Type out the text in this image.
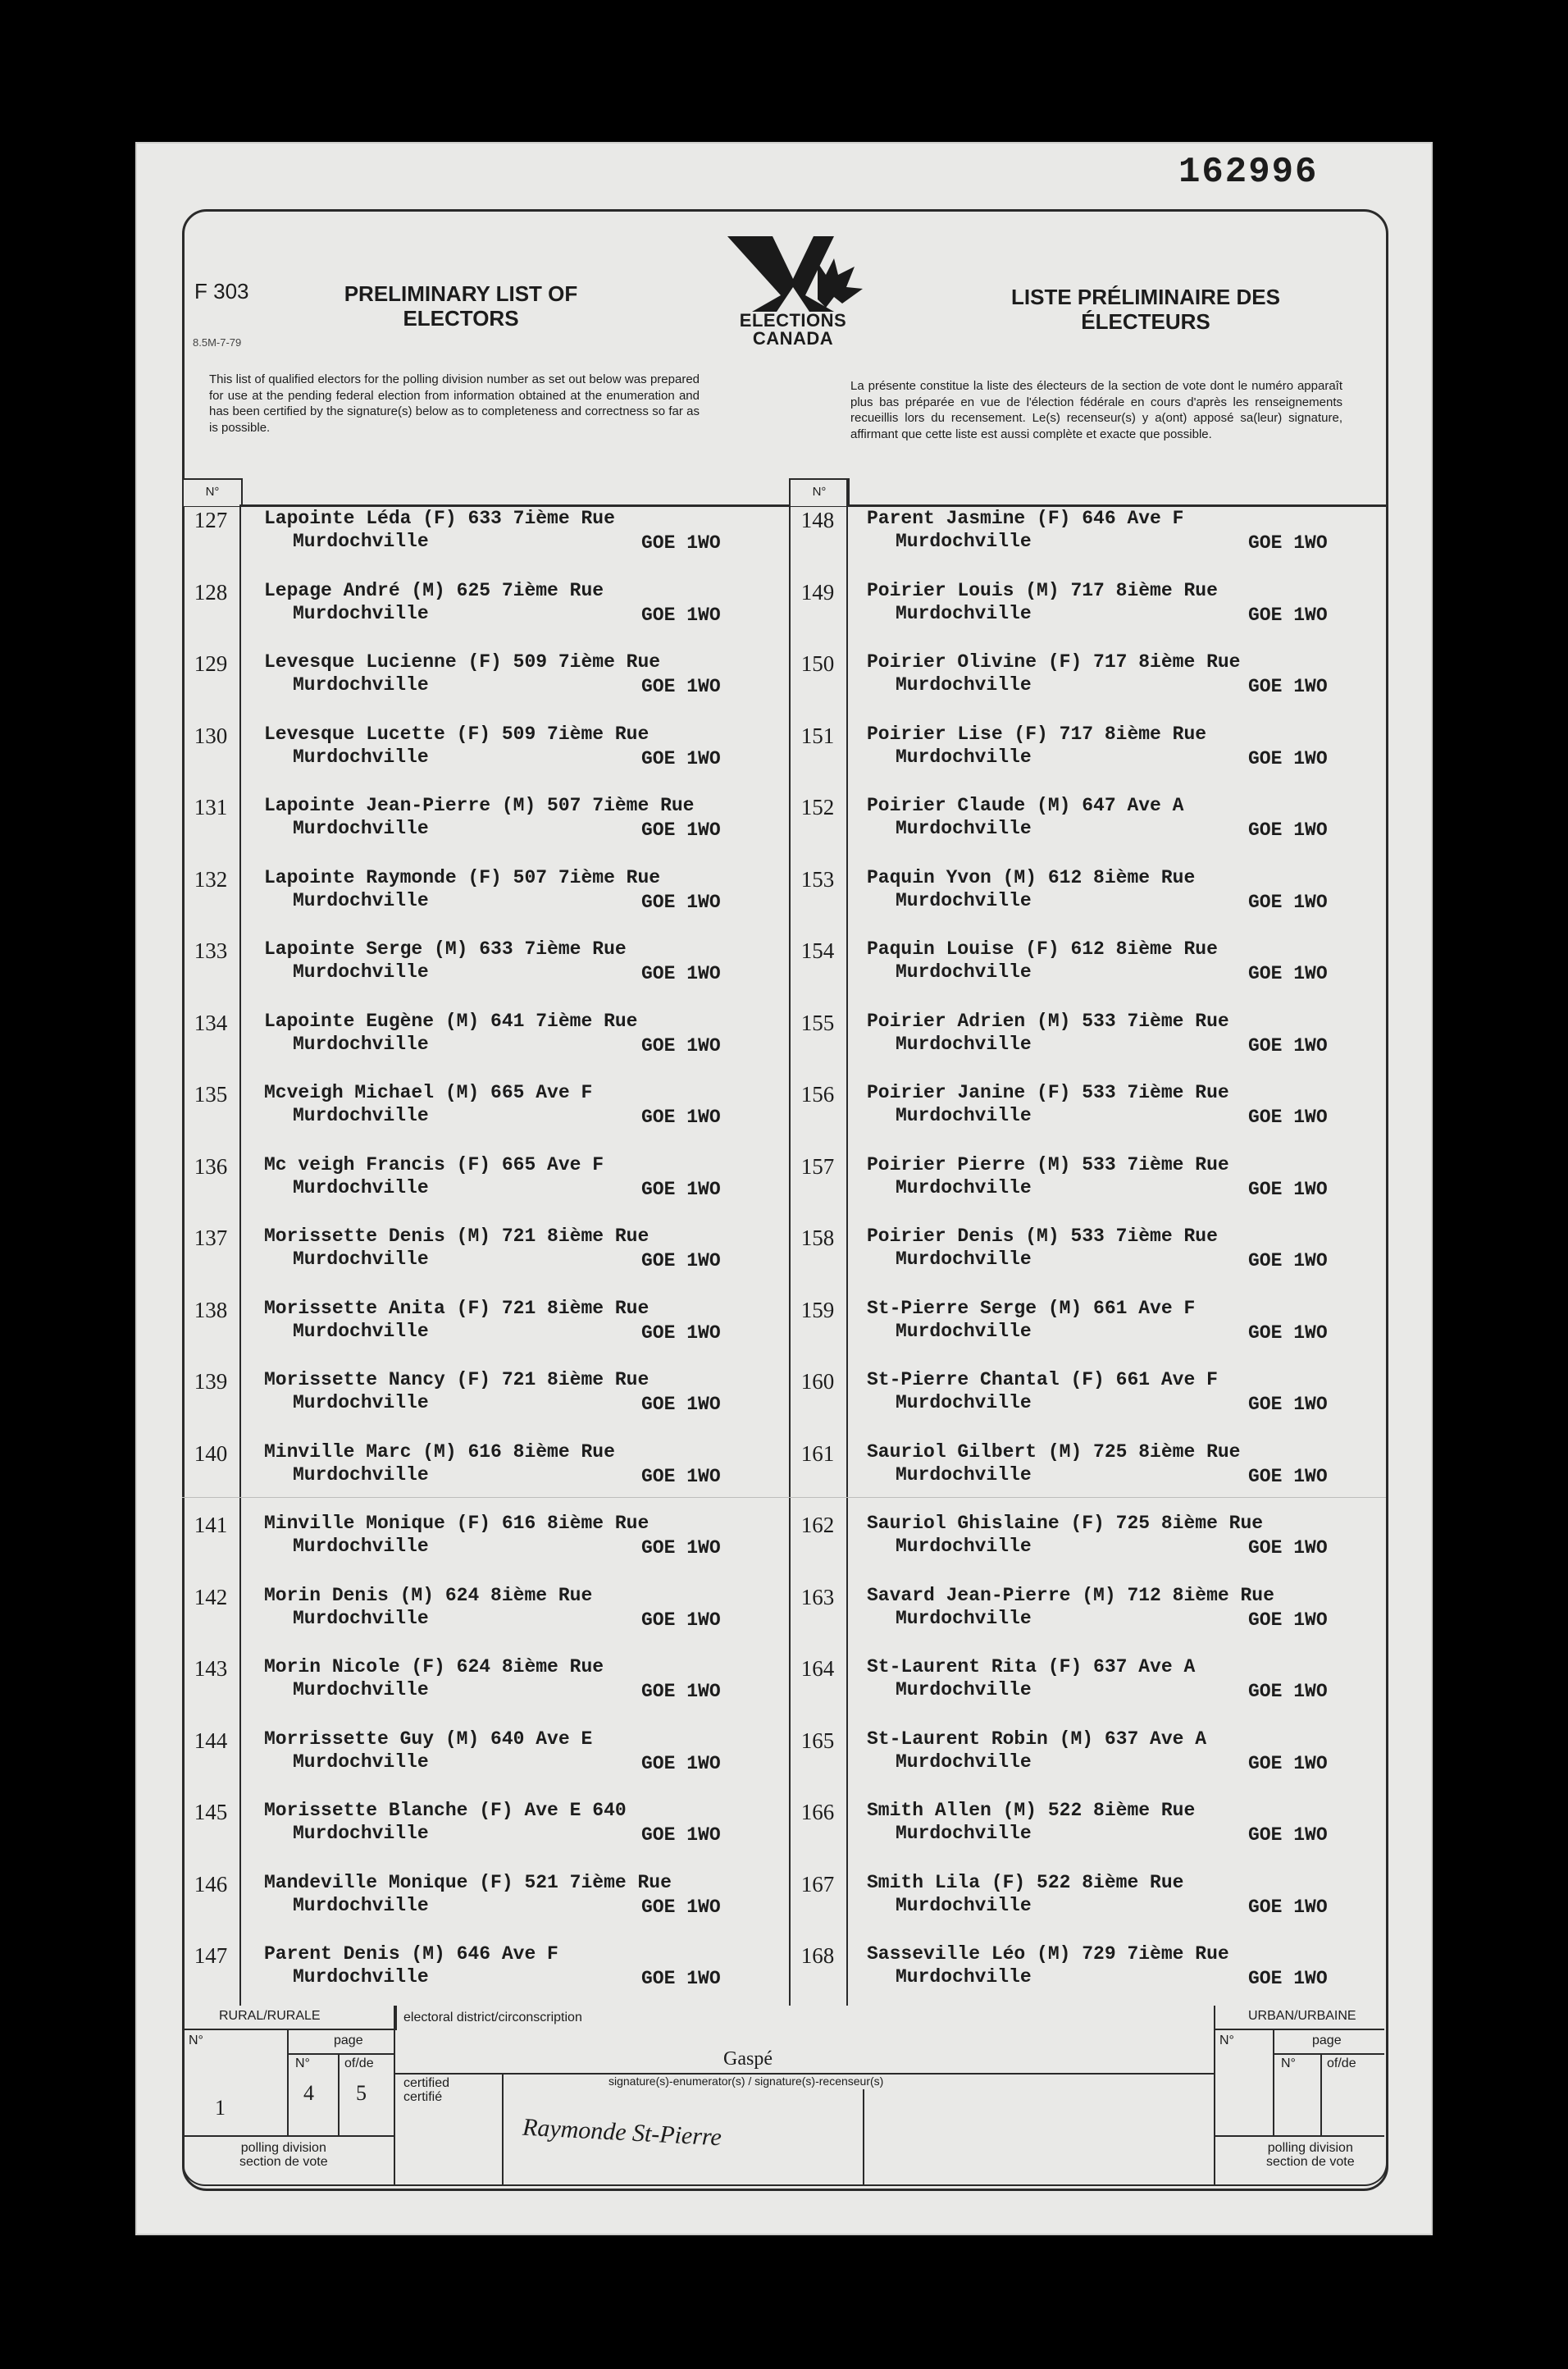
162996
F 303
8.5M-7-79
PRELIMINARY LIST OF
ELECTORS	ELECTIONS
CANADA
LISTE PRÉLIMINAIRE DES
ÉLECTEURS
This list of qualified electors for the polling division number as set out below was prepared for use at the pending federal election from information obtained at the enumeration and has been certified by the signature(s) below as to completeness and correctness so far as is possible.
La présente constitue la liste des électeurs de la section de vote dont le numéro apparaît plus bas préparée en vue de l'élection fédérale en cours d'après les renseignements recueillis lors du recensement. Le(s) recenseur(s) y a(ont) apposé sa(leur) signature, affirmant que cette liste est aussi complète et exacte que possible.
N°	N°
127	Lapointe Léda (F) 633 7ième Rue
Murdochville	GOE 1WO
128	Lepage André (M) 625 7ième Rue
Murdochville	GOE 1WO
129	Levesque Lucienne (F) 509 7ième Rue
Murdochville	GOE 1WO
130	Levesque Lucette (F) 509 7ième Rue
Murdochville	GOE 1WO
131	Lapointe Jean-Pierre (M) 507 7ième Rue
Murdochville	GOE 1WO
132	Lapointe Raymonde (F) 507 7ième Rue
Murdochville	GOE 1WO
133	Lapointe Serge (M) 633 7ième Rue
Murdochville	GOE 1WO
134	Lapointe Eugène (M) 641 7ième Rue
Murdochville	GOE 1WO
135	Mcveigh Michael (M) 665 Ave F
Murdochville	GOE 1WO
136	Mc veigh Francis (F) 665 Ave F
Murdochville	GOE 1WO
137	Morissette Denis (M) 721 8ième Rue
Murdochville	GOE 1WO
138	Morissette Anita (F) 721 8ième Rue
Murdochville	GOE 1WO
139	Morissette Nancy (F) 721 8ième Rue
Murdochville	GOE 1WO
140	Minville Marc (M) 616 8ième Rue
Murdochville	GOE 1WO
141	Minville Monique (F) 616 8ième Rue
Murdochville	GOE 1WO
142	Morin Denis (M) 624 8ième Rue
Murdochville	GOE 1WO
143	Morin Nicole (F) 624 8ième Rue
Murdochville	GOE 1WO
144	Morrissette Guy (M) 640 Ave E
Murdochville	GOE 1WO
145	Morissette Blanche (F) Ave E 640
Murdochville	GOE 1WO
146	Mandeville Monique (F) 521 7ième Rue
Murdochville	GOE 1WO
147	Parent Denis (M) 646 Ave F
Murdochville	GOE 1WO
148	Parent Jasmine (F) 646 Ave F
Murdochville	GOE 1WO
149	Poirier Louis (M) 717 8ième Rue
Murdochville	GOE 1WO
150	Poirier Olivine (F) 717 8ième Rue
Murdochville	GOE 1WO
151	Poirier Lise (F) 717 8ième Rue
Murdochville	GOE 1WO
152	Poirier Claude (M) 647 Ave A
Murdochville	GOE 1WO
153	Paquin Yvon (M) 612 8ième Rue
Murdochville	GOE 1WO
154	Paquin Louise (F) 612 8ième Rue
Murdochville	GOE 1WO
155	Poirier Adrien (M) 533 7ième Rue
Murdochville	GOE 1WO
156	Poirier Janine (F) 533 7ième Rue
Murdochville	GOE 1WO
157	Poirier Pierre (M) 533 7ième Rue
Murdochville	GOE 1WO
158	Poirier Denis (M) 533 7ième Rue
Murdochville	GOE 1WO
159	St-Pierre Serge (M) 661 Ave F
Murdochville	GOE 1WO
160	St-Pierre Chantal (F) 661 Ave F
Murdochville	GOE 1WO
161	Sauriol Gilbert (M) 725 8ième Rue
Murdochville	GOE 1WO
162	Sauriol Ghislaine (F) 725 8ième Rue
Murdochville	GOE 1WO
163	Savard Jean-Pierre (M) 712 8ième Rue
Murdochville	GOE 1WO
164	St-Laurent Rita (F) 637 Ave A
Murdochville	GOE 1WO
165	St-Laurent Robin (M) 637 Ave A
Murdochville	GOE 1WO
166	Smith Allen (M) 522 8ième Rue
Murdochville	GOE 1WO
167	Smith Lila (F) 522 8ième Rue
Murdochville	GOE 1WO
168	Sasseville Léo (M) 729 7ième Rue
Murdochville	GOE 1WO
RURAL/RURALE
N°	page
N°	of/de
1
4 5
polling division
section de vote
electoral district/circonscription
Gaspé
certified
certifié
signature(s)-enumerator(s) / signature(s)-recenseur(s)
Raymonde St-Pierre
URBAN/URBAINE
N°	page
N° of/de
polling division
section de vote
